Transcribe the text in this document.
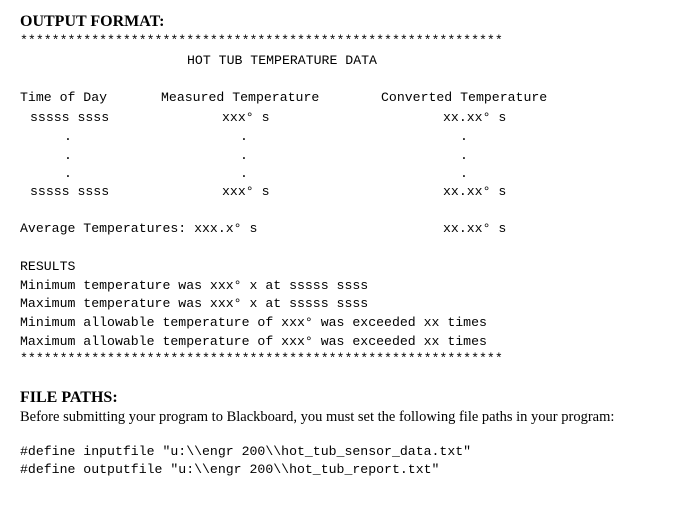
OUTPUT FORMAT:
*************************************************************
HOT TUB TEMPERATURE DATA
Time of Day	Measured Temperature	Converted Temperature
sssss ssss	xxx° s	xx.xx° s
.	.	.
.	.	.
.	.	.
sssss ssss	xxx° s	xx.xx° s
Average Temperatures: xxx.x° s	xx.xx° s
RESULTS
Minimum temperature was xxx° x at sssss ssss
Maximum temperature was xxx° x at sssss ssss
Minimum allowable temperature of xxx° was exceeded xx times
Maximum allowable temperature of xxx° was exceeded xx times
*************************************************************
FILE PATHS:
Before submitting your program to Blackboard, you must set the following file paths in your program:
#define inputfile "u:\\engr 200\\hot_tub_sensor_data.txt"
#define outputfile "u:\\engr 200\\hot_tub_report.txt"
